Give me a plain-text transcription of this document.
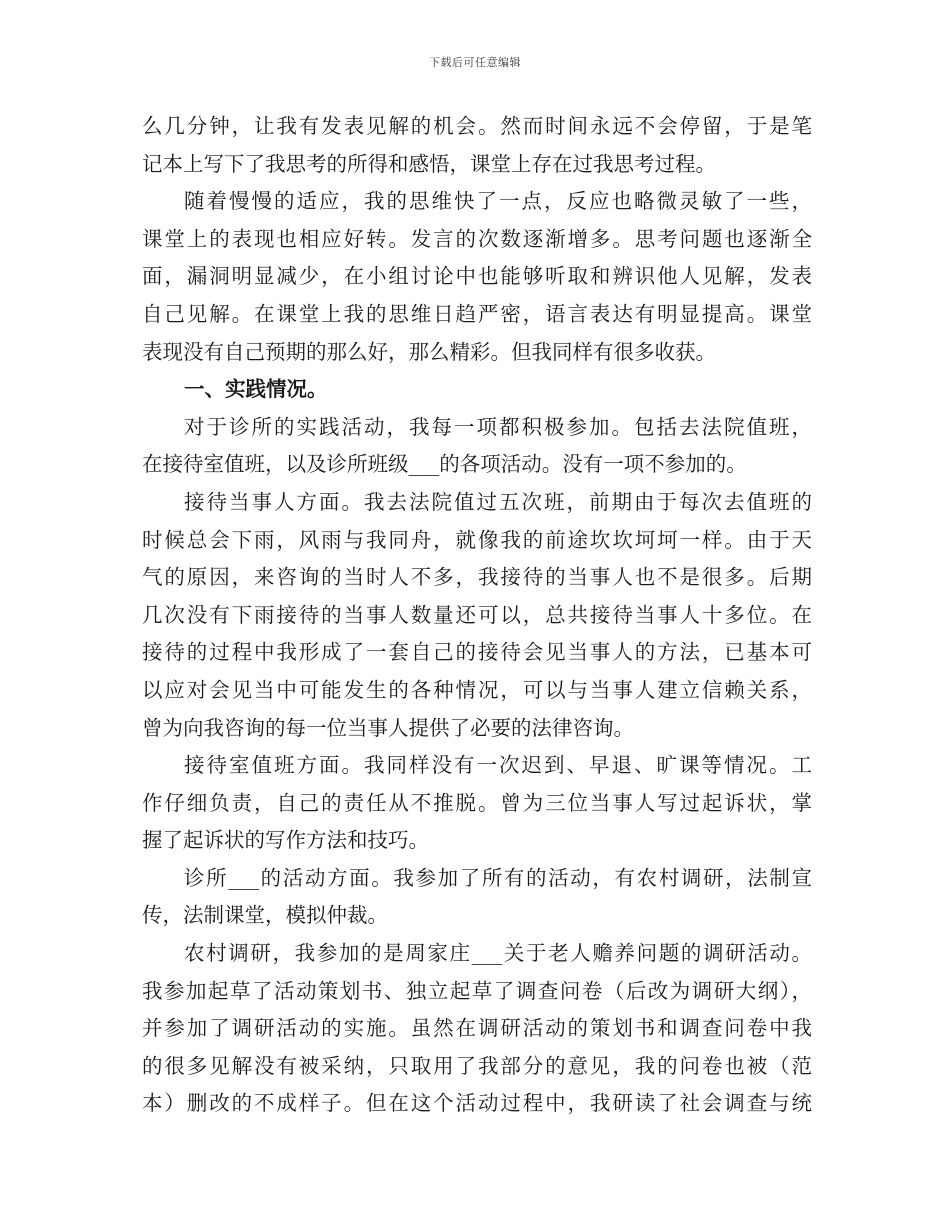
下载后可任意编辑
么几分钟，让我有发表见解的机会。然而时间永远不会停留，于是笔
记本上写下了我思考的所得和感悟，课堂上存在过我思考过程。
随着慢慢的适应，我的思维快了一点，反应也略微灵敏了一些，
课堂上的表现也相应好转。发言的次数逐渐增多。思考问题也逐渐全
面，漏洞明显减少，在小组讨论中也能够听取和辨识他人见解，发表
自己见解。在课堂上我的思维日趋严密，语言表达有明显提高。课堂
表现没有自己预期的那么好，那么精彩。但我同样有很多收获。
一、实践情况。
对于诊所的实践活动，我每一项都积极参加。包括去法院值班，
在接待室值班，以及诊所班级___的各项活动。没有一项不参加的。
接待当事人方面。我去法院值过五次班，前期由于每次去值班的
时候总会下雨，风雨与我同舟，就像我的前途坎坎坷坷一样。由于天
气的原因，来咨询的当时人不多，我接待的当事人也不是很多。后期
几次没有下雨接待的当事人数量还可以，总共接待当事人十多位。在
接待的过程中我形成了一套自己的接待会见当事人的方法，已基本可
以应对会见当中可能发生的各种情况，可以与当事人建立信赖关系，
曾为向我咨询的每一位当事人提供了必要的法律咨询。
接待室值班方面。我同样没有一次迟到、早退、旷课等情况。工
作仔细负责，自己的责任从不推脱。曾为三位当事人写过起诉状，掌
握了起诉状的写作方法和技巧。
诊所___的活动方面。我参加了所有的活动，有农村调研，法制宣
传，法制课堂，模拟仲裁。
农村调研，我参加的是周家庄___关于老人赡养问题的调研活动。
我参加起草了活动策划书、独立起草了调查问卷（后改为调研大纲），
并参加了调研活动的实施。虽然在调研活动的策划书和调查问卷中我
的很多见解没有被采纳，只取用了我部分的意见，我的问卷也被（范
本）删改的不成样子。但在这个活动过程中，我研读了社会调查与统
